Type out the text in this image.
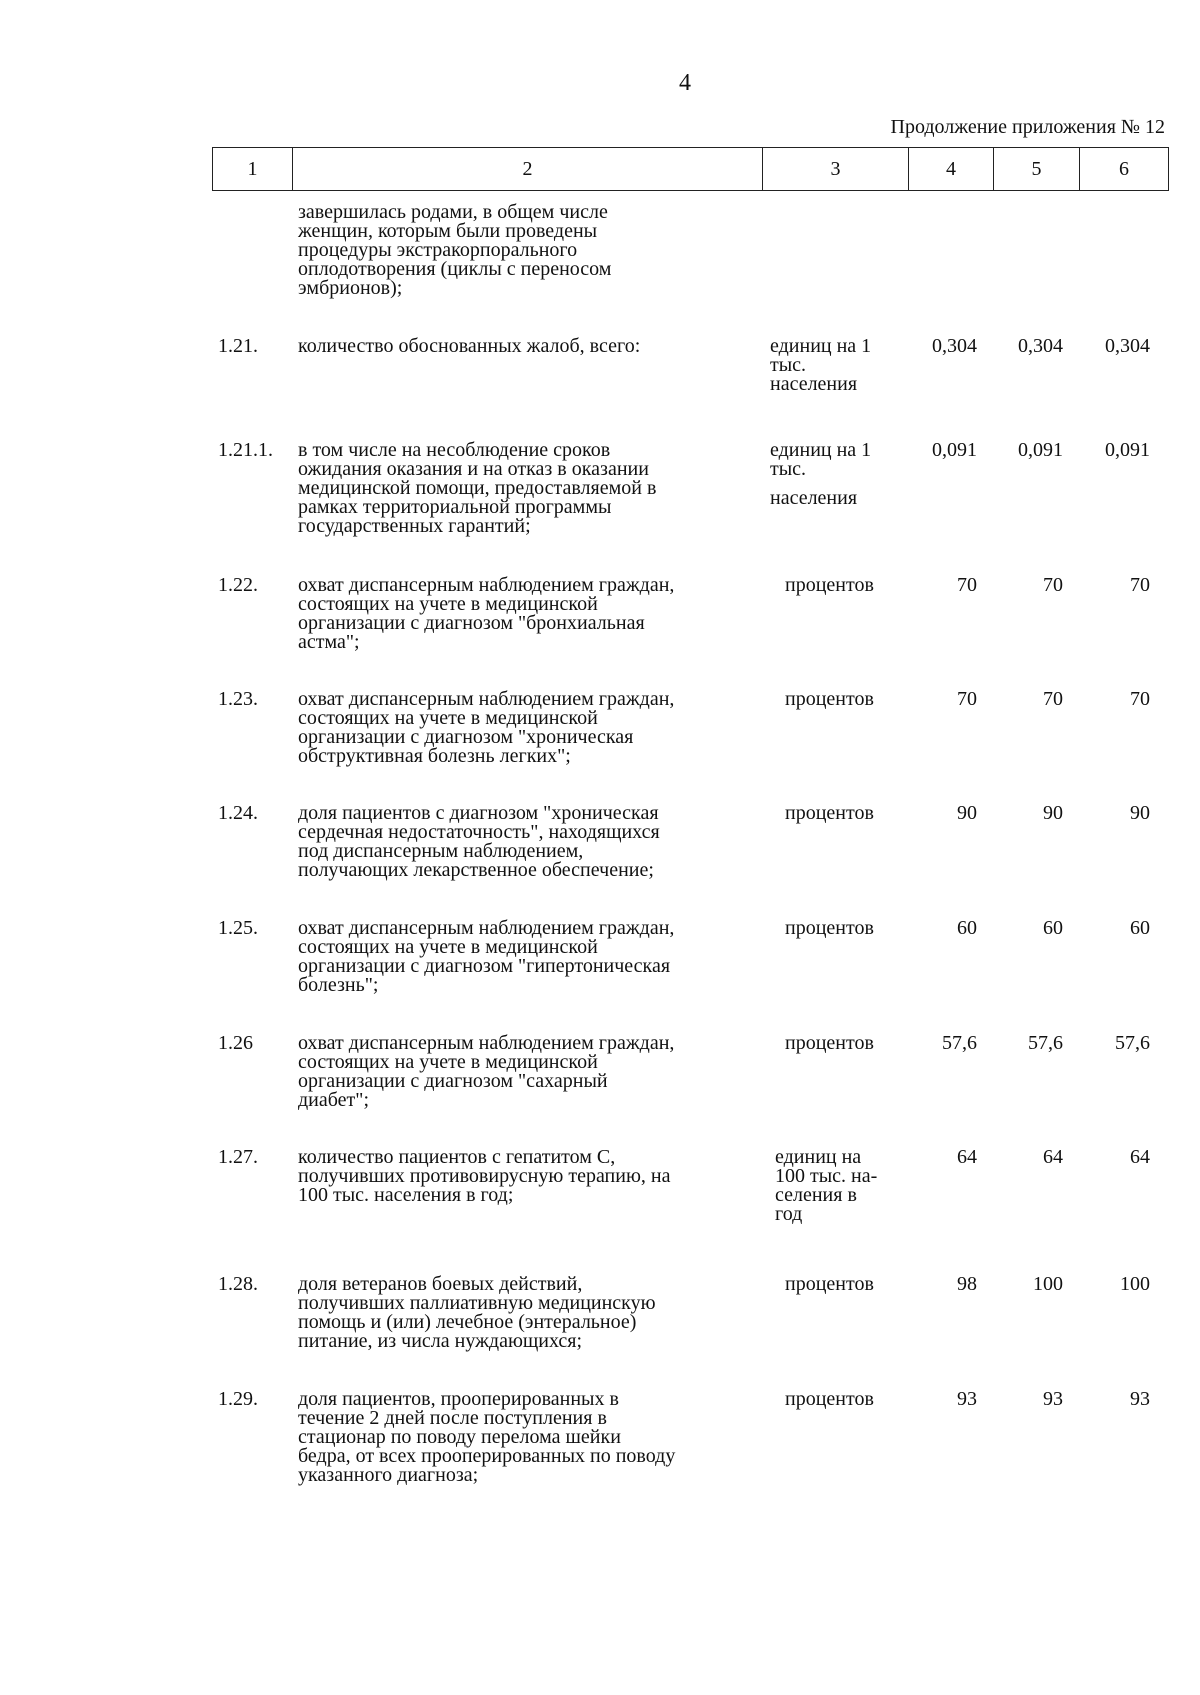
4
Продолжение приложения № 12
1	2	3	4	5	6
завершилась родами, в общем числе
женщин, которым были проведены
процедуры экстракорпорального
оплодотворения (циклы с переносом
эмбрионов);
1.21.	количество обоснованных жалоб, всего:	единиц на 1
тыс.
населения
0,304	0,304	0,304
1.21.1.	в том числе на несоблюдение сроков
ожидания оказания и на отказ в оказании
медицинской помощи, предоставляемой в
рамках территориальной программы
государственных гарантий;
единиц на 1
тыс.
населения
0,091	0,091	0,091
1.22.	охват диспансерным наблюдением граждан,
состоящих на учете в медицинской
организации с диагнозом "бронхиальная
астма";
процентов	70	70	70
1.23.	охват диспансерным наблюдением граждан,
состоящих на учете в медицинской
организации с диагнозом "хроническая
обструктивная болезнь легких";
процентов	70	70	70
1.24.	доля пациентов с диагнозом "хроническая
сердечная недостаточность", находящихся
под диспансерным наблюдением,
получающих лекарственное обеспечение;
процентов	90	90	90
1.25.	охват диспансерным наблюдением граждан,
состоящих на учете в медицинской
организации с диагнозом "гипертоническая
болезнь";
процентов	60	60	60
1.26	охват диспансерным наблюдением граждан,
состоящих на учете в медицинской
организации с диагнозом "сахарный
диабет";
процентов	57,6	57,6	57,6
1.27.	количество пациентов с гепатитом С,
получивших противовирусную терапию, на
100 тыс. населения в год;
единиц на
100 тыс. на-
селения в
год
64	64	64
1.28.	доля ветеранов боевых действий,
получивших паллиативную медицинскую
помощь и (или) лечебное (энтеральное)
питание, из числа нуждающихся;
процентов	98	100	100
1.29.	доля пациентов, прооперированных в
течение 2 дней после поступления в
стационар по поводу перелома шейки
бедра, от всех прооперированных по поводу
указанного диагноза;
процентов	93	93	93
